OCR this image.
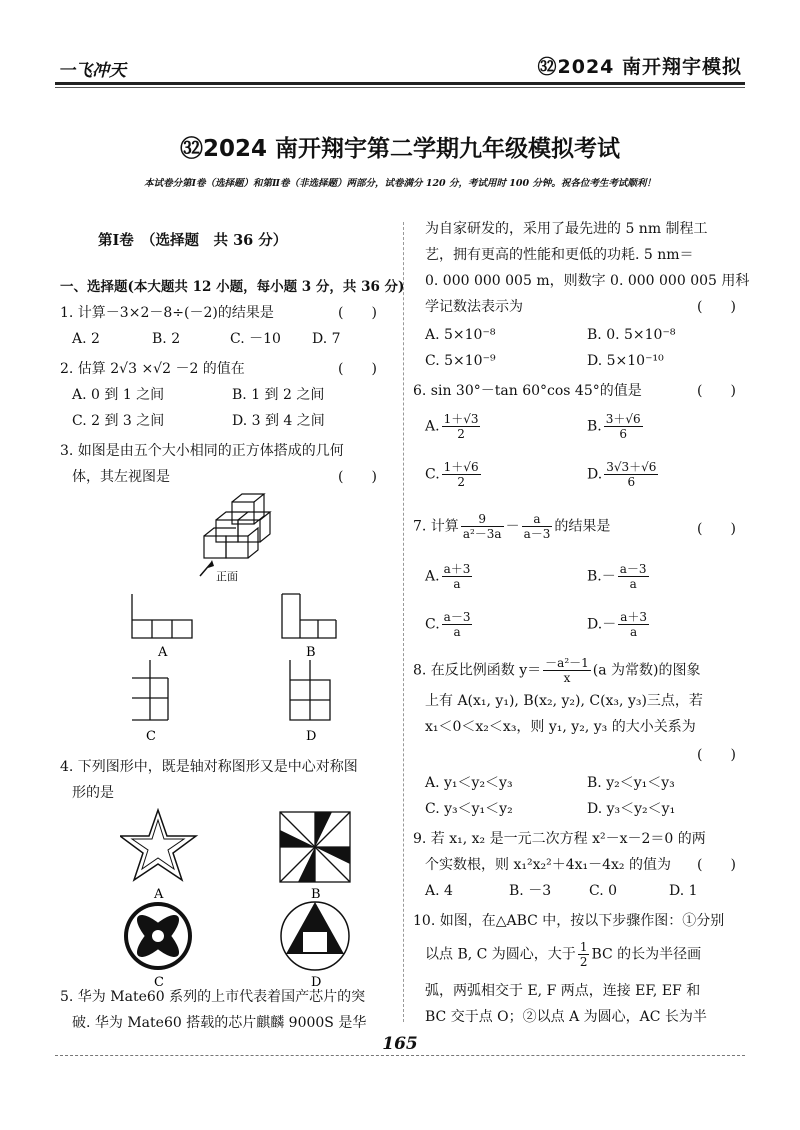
一飞冲天	㉜2024 南开翔宇模拟
㉜2024 南开翔宇第二学期九年级模拟考试
本试卷分第Ⅰ卷（选择题）和第Ⅱ卷（非选择题）两部分，试卷满分 120 分，考试用时 100 分钟。祝各位考生考试顺利！
第Ⅰ卷　（选择题　共 36 分）
一、选择题(本大题共 12 小题，每小题 3 分，共 36 分)
1. 计算－3×2－8÷(－2)的结果是	(　　)
A. 2	B. 2	C. －10 D. 7
2. 估算 2√3 ×√2 －2 的值在	(　　)
A. 0 到 1 之间	B. 1 到 2 之间
C. 2 到 3 之间	D. 3 到 4 之间
3. 如图是由五个大小相同的正方体搭成的几何
体，其左视图是	(　　)
正面
A	B
C	D
4. 下列图形中，既是轴对称图形又是中心对称图
形的是
C	D
A	B
5. 华为 Mate60 系列的上市代表着国产芯片的突
破. 华为 Mate60 搭载的芯片麒麟 9000S 是华
为自家研发的，采用了最先进的 5 nm 制程工
艺，拥有更高的性能和更低的功耗. 5 nm＝
0. 000 000 005 m，则数字 0. 000 000 005 用科
学记数法表示为	(　　)
A. 5×10⁻⁸	B. 0. 5×10⁻⁸
C. 5×10⁻⁹	D. 5×10⁻¹⁰
6. sin 30°－tan 60°cos 45°的值是	(　　)
A. $\frac{1+√3}{2}$	B. $\frac{3+√6}{6}$
C. $\frac{1+√6}{2}$	D. $\frac{3√3+√6}{6}$
7. 计算 $\frac{9}{\text{a²－3a}} - \frac{a}{a-3}$ 的结果是	(　　)
A. $\frac{a+3}{a}$	$B.- \frac{a-3}{a}$
C. $\frac{a-3}{a}$	$D.- \frac{a+3}{a}$
8. 在反比例函数 $y= \frac{\text{－a²－1}}{x} (a$ 为常数)的图象
上有 A(x₁, y₁), B(x₂, y₂), C(x₃, y₃)三点，若
x₁＜0＜x₂＜x₃，则 y₁, y₂, y₃ 的大小关系为
(　　)
A. y₁＜y₂＜y₃	B. y₂＜y₁＜y₃
C. y₃＜y₁＜y₂	D. y₃＜y₂＜y₁
9. 若 x₁, x₂ 是一元二次方程 x²－x－2＝0 的两
个实数根，则 x₁²x₂²＋4x₁－4x₂ 的值为 (　　)
A. 4	B. －3	C. 0	D. 1
10. 如图，在△ABC 中，按以下步骤作图：①分别
以点 B, C 为圆心，大于 $\frac{1}{2}$ BC 的长为半径画
弧，两弧相交于 E, F 两点，连接 EF, EF 和
BC 交于点 O；②以点 A 为圆心，AC 长为半
165
